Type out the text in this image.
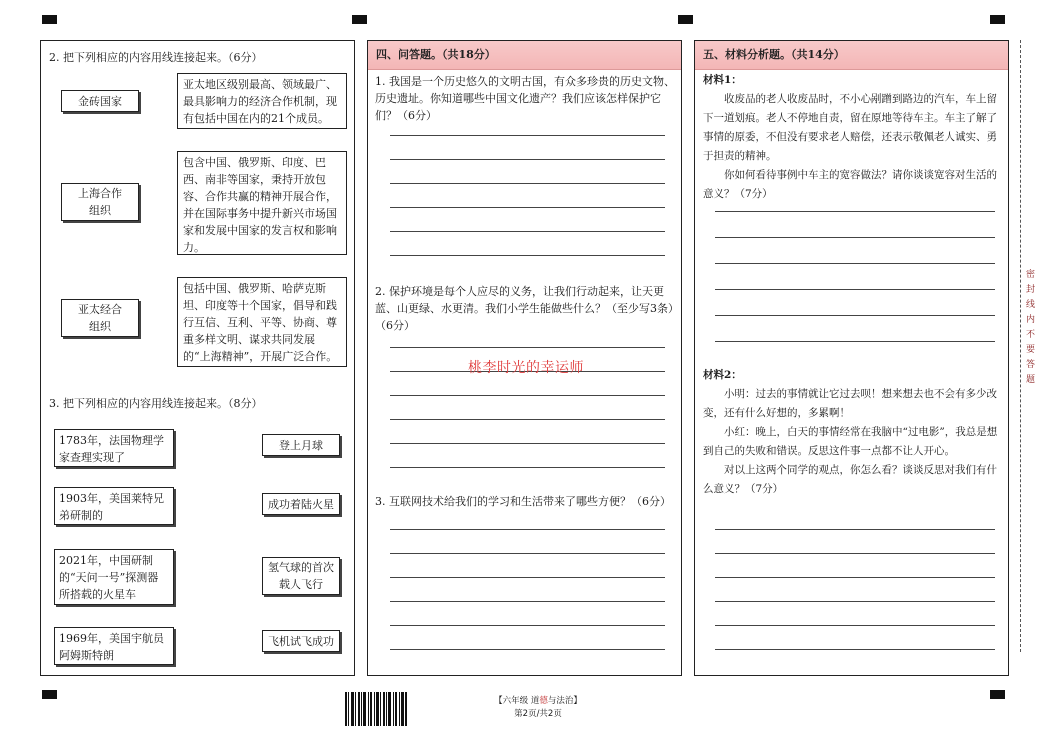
2. 把下列相应的内容用线连接起来。（6分）
金砖国家
亚太地区级别最高、领域最广、最具影响力的经济合作机制，现有包括中国在内的21个成员。
上海合作
组织
包含中国、俄罗斯、印度、巴西、南非等国家，秉持开放包容、合作共赢的精神开展合作，并在国际事务中提升新兴市场国家和发展中国家的发言权和影响力。
亚太经合
组织
包括中国、俄罗斯、哈萨克斯坦、印度等十个国家，倡导和践行互信、互利、平等、协商、尊重多样文明、谋求共同发展的“上海精神”，开展广泛合作。
3. 把下列相应的内容用线连接起来。（8分）
1783年，法国物理学家查理实现了
1903年，美国莱特兄弟研制的
2021年，中国研制的“天问一号”探测器所搭载的火星车
1969年，美国宇航员阿姆斯特朗
登上月球
成功着陆火星
氢气球的首次
载人飞行
飞机试飞成功
四、问答题。（共18分）
1. 我国是一个历史悠久的文明古国，有众多珍贵的历史文物、历史遗址。你知道哪些中国文化遗产？我们应该怎样保护它们？（6分）
2. 保护环境是每个人应尽的义务，让我们行动起来，让天更蓝、山更绿、水更清。我们小学生能做些什么？（至少写3条）（6分）
3. 互联网技术给我们的学习和生活带来了哪些方便？（6分）
桃李时光的幸运师
五、材料分析题。（共14分）

材料1：

收废品的老人收废品时，不小心剐蹭到路边的汽车，车上留下一道划痕。老人不停地自责，留在原地等待车主。车主了解了事情的原委，不但没有要求老人赔偿，还表示敬佩老人诚实、勇于担责的精神。

你如何看待事例中车主的宽容做法？请你谈谈宽容对生活的意义？（7分）

材料2：

小明：过去的事情就让它过去呗！想来想去也不会有多少改变，还有什么好想的，多累啊！

小红：晚上，白天的事情经常在我脑中“过电影”，我总是想到自己的失败和错误。反思这件事一点都不让人开心。

对以上这两个同学的观点，你怎么看？谈谈反思对我们有什么意义？（7分）

密封线内不要答题
【六年级 道德与法治】
第2页/共2页
